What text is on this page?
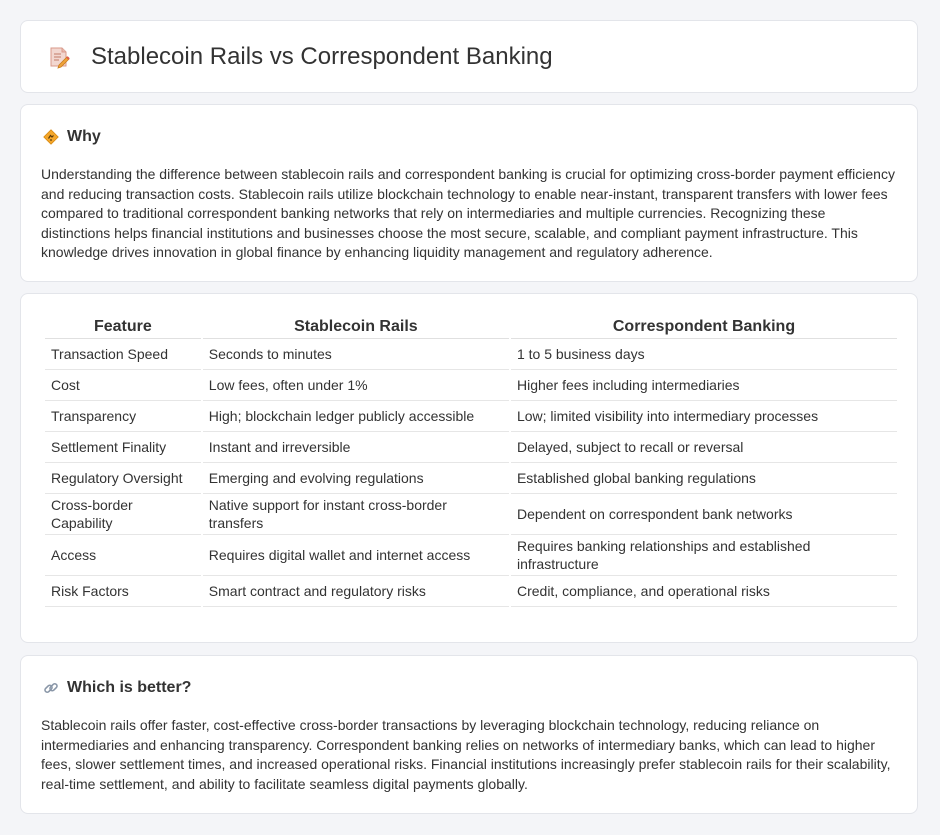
Stablecoin Rails vs Correspondent Banking
Why

Understanding the difference between stablecoin rails and correspondent banking is crucial for optimizing cross-border payment efficiency and reducing transaction costs. Stablecoin rails utilize blockchain technology to enable near-instant, transparent transfers with lower fees compared to traditional correspondent banking networks that rely on intermediaries and multiple currencies. Recognizing these distinctions helps financial institutions and businesses choose the most secure, scalable, and compliant payment infrastructure. This knowledge drives innovation in global finance by enhancing liquidity management and regulatory adherence.

Feature	Stablecoin Rails	Correspondent Banking
Transaction Speed	Seconds to minutes	1 to 5 business days
Cost	Low fees, often under 1%	Higher fees including intermediaries
Transparency	High; blockchain ledger publicly accessible	Low; limited visibility into intermediary processes
Settlement Finality	Instant and irreversible	Delayed, subject to recall or reversal
Regulatory Oversight	Emerging and evolving regulations	Established global banking regulations
Cross-border Capability	Native support for instant cross-border transfers	Dependent on correspondent bank networks
Access	Requires digital wallet and internet access	Requires banking relationships and established infrastructure
Risk Factors	Smart contract and regulatory risks	Credit, compliance, and operational risks
Which is better?

Stablecoin rails offer faster, cost-effective cross-border transactions by leveraging blockchain technology, reducing reliance on intermediaries and enhancing transparency. Correspondent banking relies on networks of intermediary banks, which can lead to higher fees, slower settlement times, and increased operational risks. Financial institutions increasingly prefer stablecoin rails for their scalability, real-time settlement, and ability to facilitate seamless digital payments globally.
